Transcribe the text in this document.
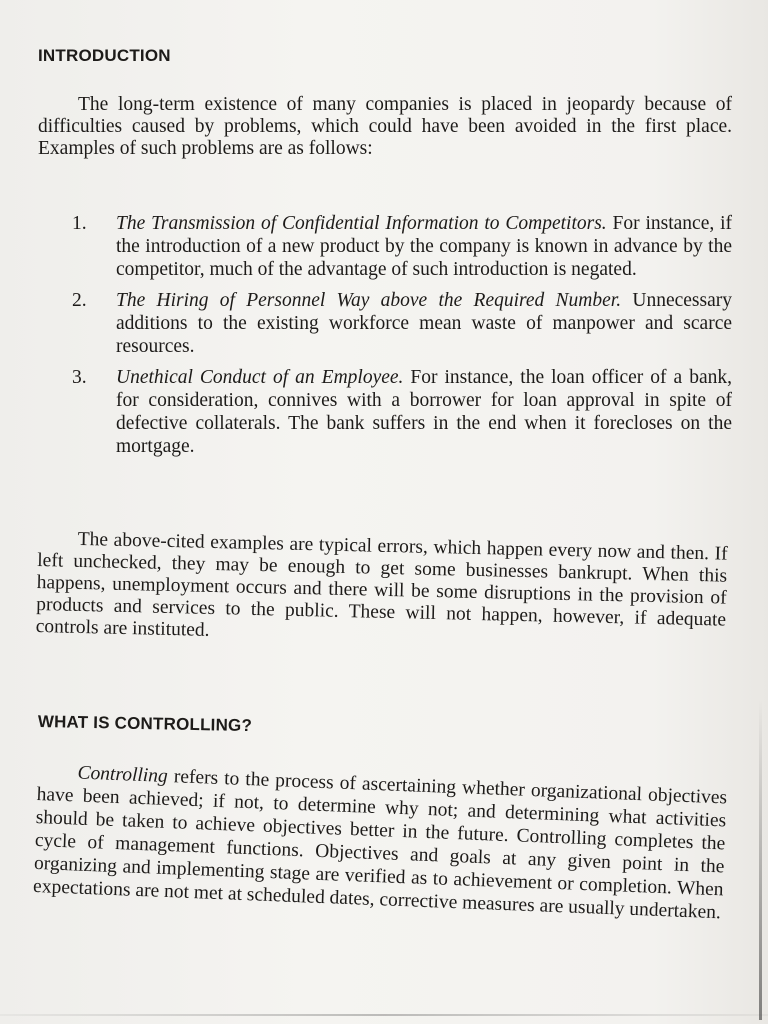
INTRODUCTION

The long-term existence of many companies is placed in jeopardy because of difficulties caused by problems, which could have been avoided in the first place. Examples of such problems are as follows:

1.	The Transmission of Confidential Information to Competitors. For instance, if the introduction of a new product by the company is known in advance by the competitor, much of the advantage of such introduction is negated.
2.	The Hiring of Personnel Way above the Required Number. Unnecessary additions to the existing workforce mean waste of manpower and scarce resources.
3.	Unethical Conduct of an Employee. For instance, the loan officer of a bank, for consideration, connives with a borrower for loan approval in spite of defective collaterals. The bank suffers in the end when it forecloses on the mortgage.

The above-cited examples are typical errors, which happen every now and then. If left unchecked, they may be enough to get some businesses bankrupt. When this happens, unemployment occurs and there will be some disruptions in the provision of products and services to the public. These will not happen, however, if adequate controls are instituted.

WHAT IS CONTROLLING?

Controlling refers to the process of ascertaining whether organizational objectives have been achieved; if not, to determine why not; and determining what activities should be taken to achieve objectives better in the future. Controlling completes the cycle of management functions. Objectives and goals at any given point in the organizing and implementing stage are verified as to achievement or completion. When expectations are not met at scheduled dates, corrective measures are usually undertaken.
